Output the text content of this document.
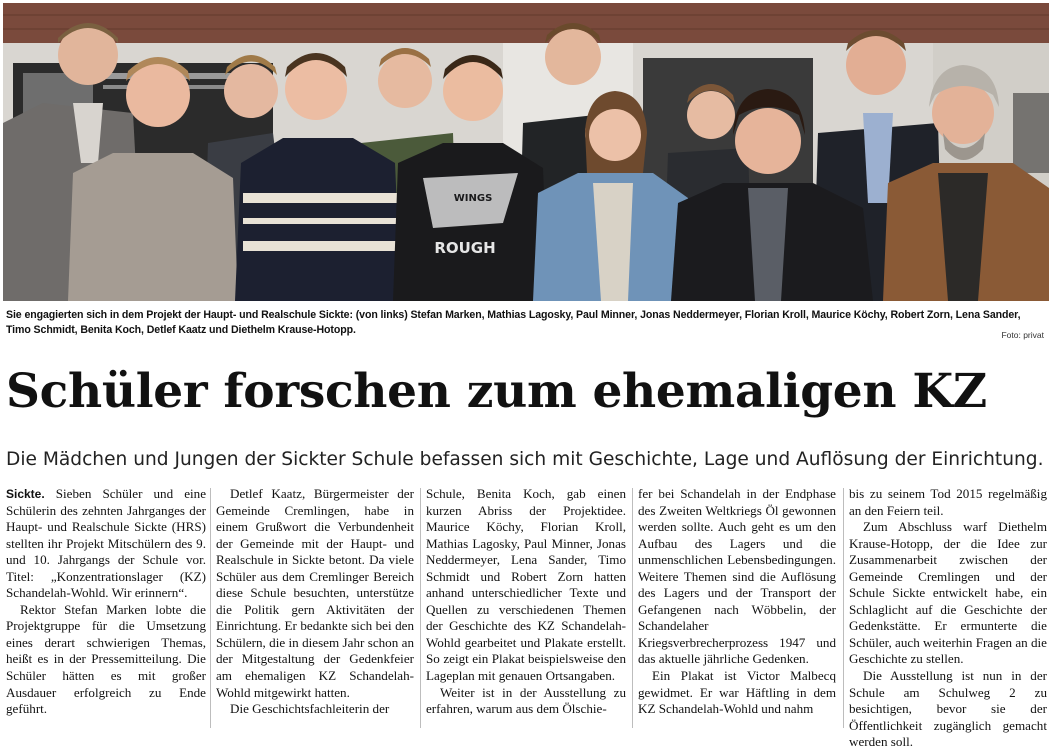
WINGS
ROUGH
Sie engagierten sich in dem Projekt der Haupt- und Realschule Sickte: (von links) Stefan Marken, Mathias Lagosky, Paul Minner, Jonas Neddermeyer, Florian Kroll, Maurice Köchy, Robert Zorn, Lena Sander, Timo Schmidt, Benita Koch, Detlef Kaatz und Diethelm Krause-Hotopp.	Foto: privat
Schüler forschen zum ehemaligen KZ
Die Mädchen und Jungen der Sickter Schule befassen sich mit Geschichte, Lage und Auflösung der Einrichtung.

Sickte. Sieben Schüler und eine Schülerin des zehnten Jahrganges der Haupt- und Realschule Sickte (HRS) stellten ihr Projekt Mitschülern des 9. und 10. Jahrgangs der Schule vor. Titel: „Konzentrationslager (KZ) Schandelah-Wohld. Wir erinnern“.

Rektor Stefan Marken lobte die Projektgruppe für die Umsetzung eines derart schwierigen Themas, heißt es in der Pressemitteilung. Die Schüler hätten es mit großer Ausdauer erfolgreich zu Ende geführt.

Detlef Kaatz, Bürgermeister der Gemeinde Cremlingen, habe in einem Grußwort die Verbundenheit der Gemeinde mit der Haupt- und Realschule in Sickte betont. Da viele Schüler aus dem Cremlinger Bereich diese Schule besuchten, unterstütze die Politik gern Aktivitäten der Einrichtung. Er bedankte sich bei den Schülern, die in diesem Jahr schon an der Mitgestaltung der Gedenkfeier am ehemaligen KZ Schandelah-Wohld mitgewirkt hatten.

Die Geschichtsfachleiterin der

Schule, Benita Koch, gab einen kurzen Abriss der Projektidee. Maurice Köchy, Florian Kroll, Mathias Lagosky, Paul Minner, Jonas Neddermeyer, Lena Sander, Timo Schmidt und Robert Zorn hatten anhand unterschiedlicher Texte und Quellen zu verschiedenen Themen der Geschichte des KZ Schandelah-Wohld gearbeitet und Plakate erstellt. So zeigt ein Plakat beispielsweise den Lageplan mit genauen Ortsangaben.

Weiter ist in der Ausstellung zu erfahren, warum aus dem Ölschie-

fer bei Schandelah in der Endphase des Zweiten Weltkriegs Öl gewonnen werden sollte. Auch geht es um den Aufbau des Lagers und die unmenschlichen Lebensbedingungen. Weitere Themen sind die Auflösung des Lagers und der Transport der Gefangenen nach Wöbbelin, der Schandelaher Kriegsverbrecherprozess 1947 und das aktuelle jährliche Gedenken.

Ein Plakat ist Victor Malbecq gewidmet. Er war Häftling in dem KZ Schandelah-Wohld und nahm

bis zu seinem Tod 2015 regelmäßig an den Feiern teil.

Zum Abschluss warf Diethelm Krause-Hotopp, der die Idee zur Zusammenarbeit zwischen der Gemeinde Cremlingen und der Schule Sickte entwickelt habe, ein Schlaglicht auf die Geschichte der Gedenkstätte. Er ermunterte die Schüler, auch weiterhin Fragen an die Geschichte zu stellen.

Die Ausstellung ist nun in der Schule am Schulweg 2 zu besichtigen, bevor sie der Öffentlichkeit zugänglich gemacht werden soll.
